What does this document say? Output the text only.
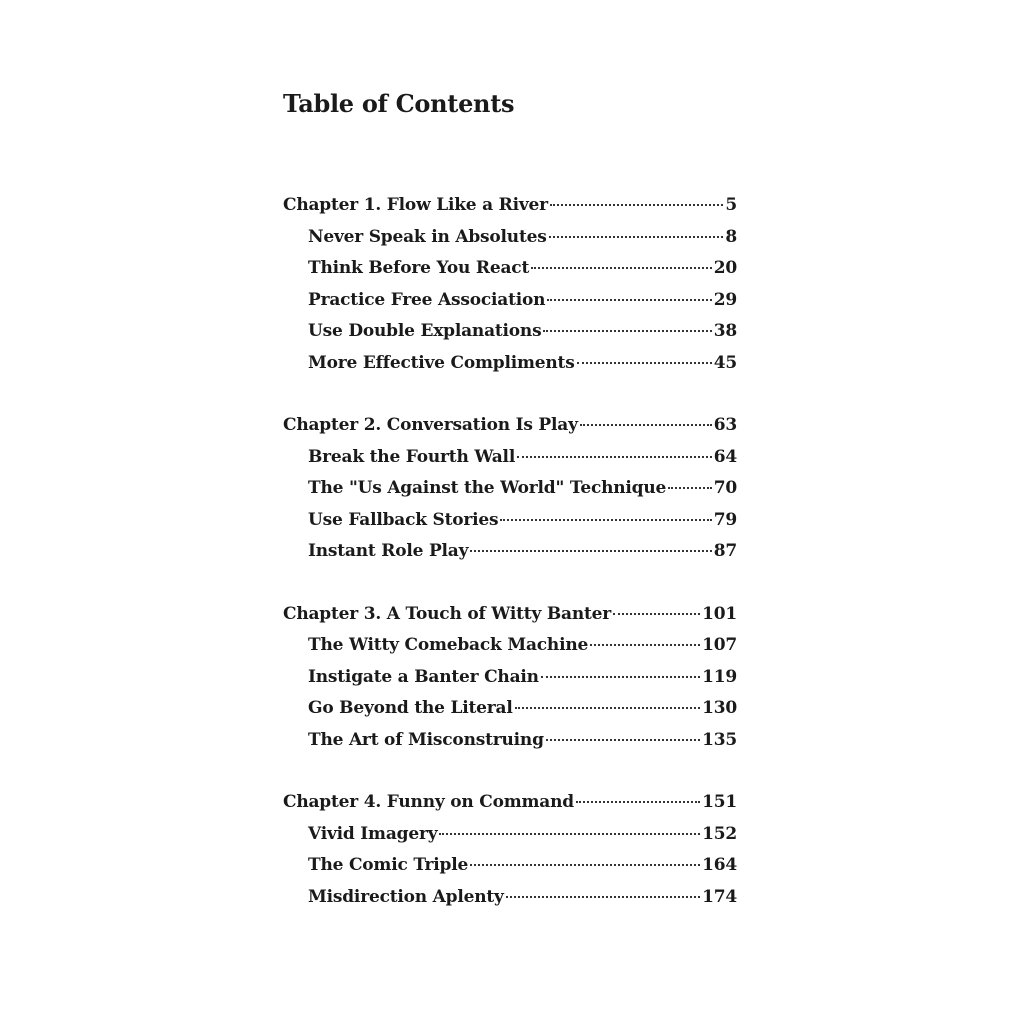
Table of Contents
Chapter 1. Flow Like a River	5
Never Speak in Absolutes	8
Think Before You React	20
Practice Free Association	29
Use Double Explanations	38
More Effective Compliments	45
Chapter 2. Conversation Is Play	63
Break the Fourth Wall	64
The "Us Against the World" Technique	70
Use Fallback Stories	79
Instant Role Play	87
Chapter 3. A Touch of Witty Banter	101
The Witty Comeback Machine	107
Instigate a Banter Chain	119
Go Beyond the Literal	130
The Art of Misconstruing	135
Chapter 4. Funny on Command	151
Vivid Imagery	152
The Comic Triple	164
Misdirection Aplenty	174
